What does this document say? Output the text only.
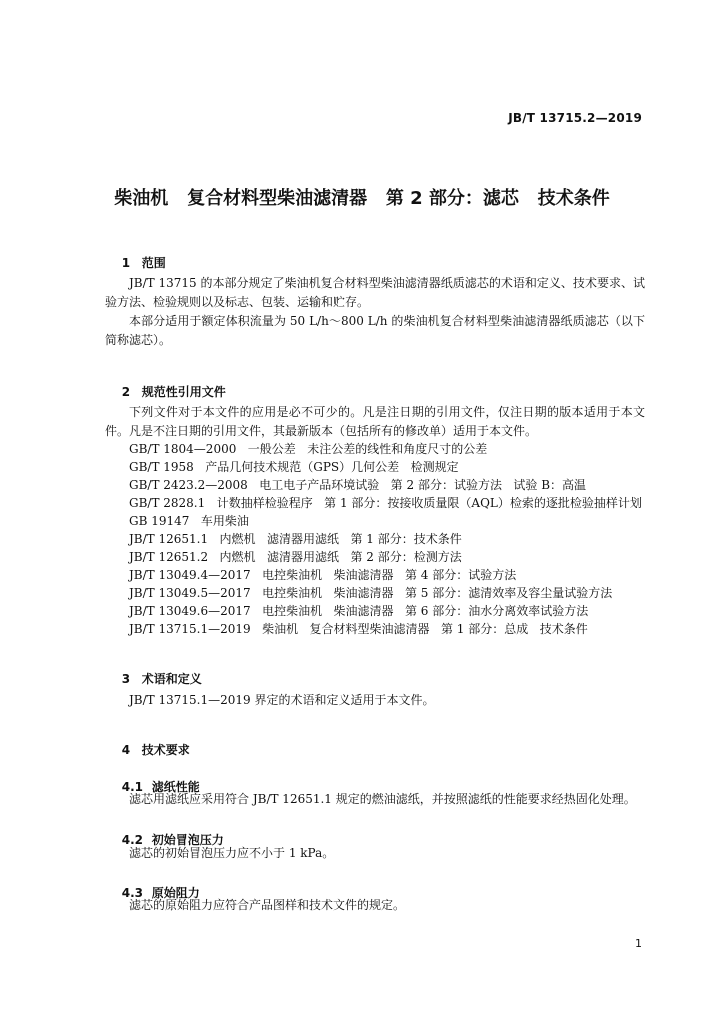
JB/T 13715.2—2019
柴油机   复合材料型柴油滤清器   第 2 部分：滤芯   技术条件

1 范围

JB/T 13715 的本部分规定了柴油机复合材料型柴油滤清器纸质滤芯的术语和定义、技术要求、试验方法、检验规则以及标志、包装、运输和贮存。
本部分适用于额定体积流量为 50 L/h～800 L/h 的柴油机复合材料型柴油滤清器纸质滤芯（以下简称滤芯）。

2 规范性引用文件

下列文件对于本文件的应用是必不可少的。凡是注日期的引用文件，仅注日期的版本适用于本文件。凡是不注日期的引用文件，其最新版本（包括所有的修改单）适用于本文件。
GB/T 1804—2000   一般公差   未注公差的线性和角度尺寸的公差
GB/T 1958   产品几何技术规范（GPS）几何公差   检测规定
GB/T 2423.2—2008   电工电子产品环境试验   第 2 部分：试验方法   试验 B：高温
GB/T 2828.1   计数抽样检验程序   第 1 部分：按接收质量限（AQL）检索的逐批检验抽样计划
GB 19147   车用柴油
JB/T 12651.1   内燃机   滤清器用滤纸   第 1 部分：技术条件
JB/T 12651.2   内燃机   滤清器用滤纸   第 2 部分：检测方法
JB/T 13049.4—2017   电控柴油机   柴油滤清器   第 4 部分：试验方法
JB/T 13049.5—2017   电控柴油机   柴油滤清器   第 5 部分：滤清效率及容尘量试验方法
JB/T 13049.6—2017   电控柴油机   柴油滤清器   第 6 部分：油水分离效率试验方法
JB/T 13715.1—2019   柴油机   复合材料型柴油滤清器   第 1 部分：总成   技术条件

3 术语和定义

JB/T 13715.1—2019 界定的术语和定义适用于本文件。

4 技术要求

4.1 滤纸性能

滤芯用滤纸应采用符合 JB/T 12651.1 规定的燃油滤纸，并按照滤纸的性能要求经热固化处理。

4.2 初始冒泡压力

滤芯的初始冒泡压力应不小于 1 kPa。

4.3 原始阻力

滤芯的原始阻力应符合产品图样和技术文件的规定。
1
